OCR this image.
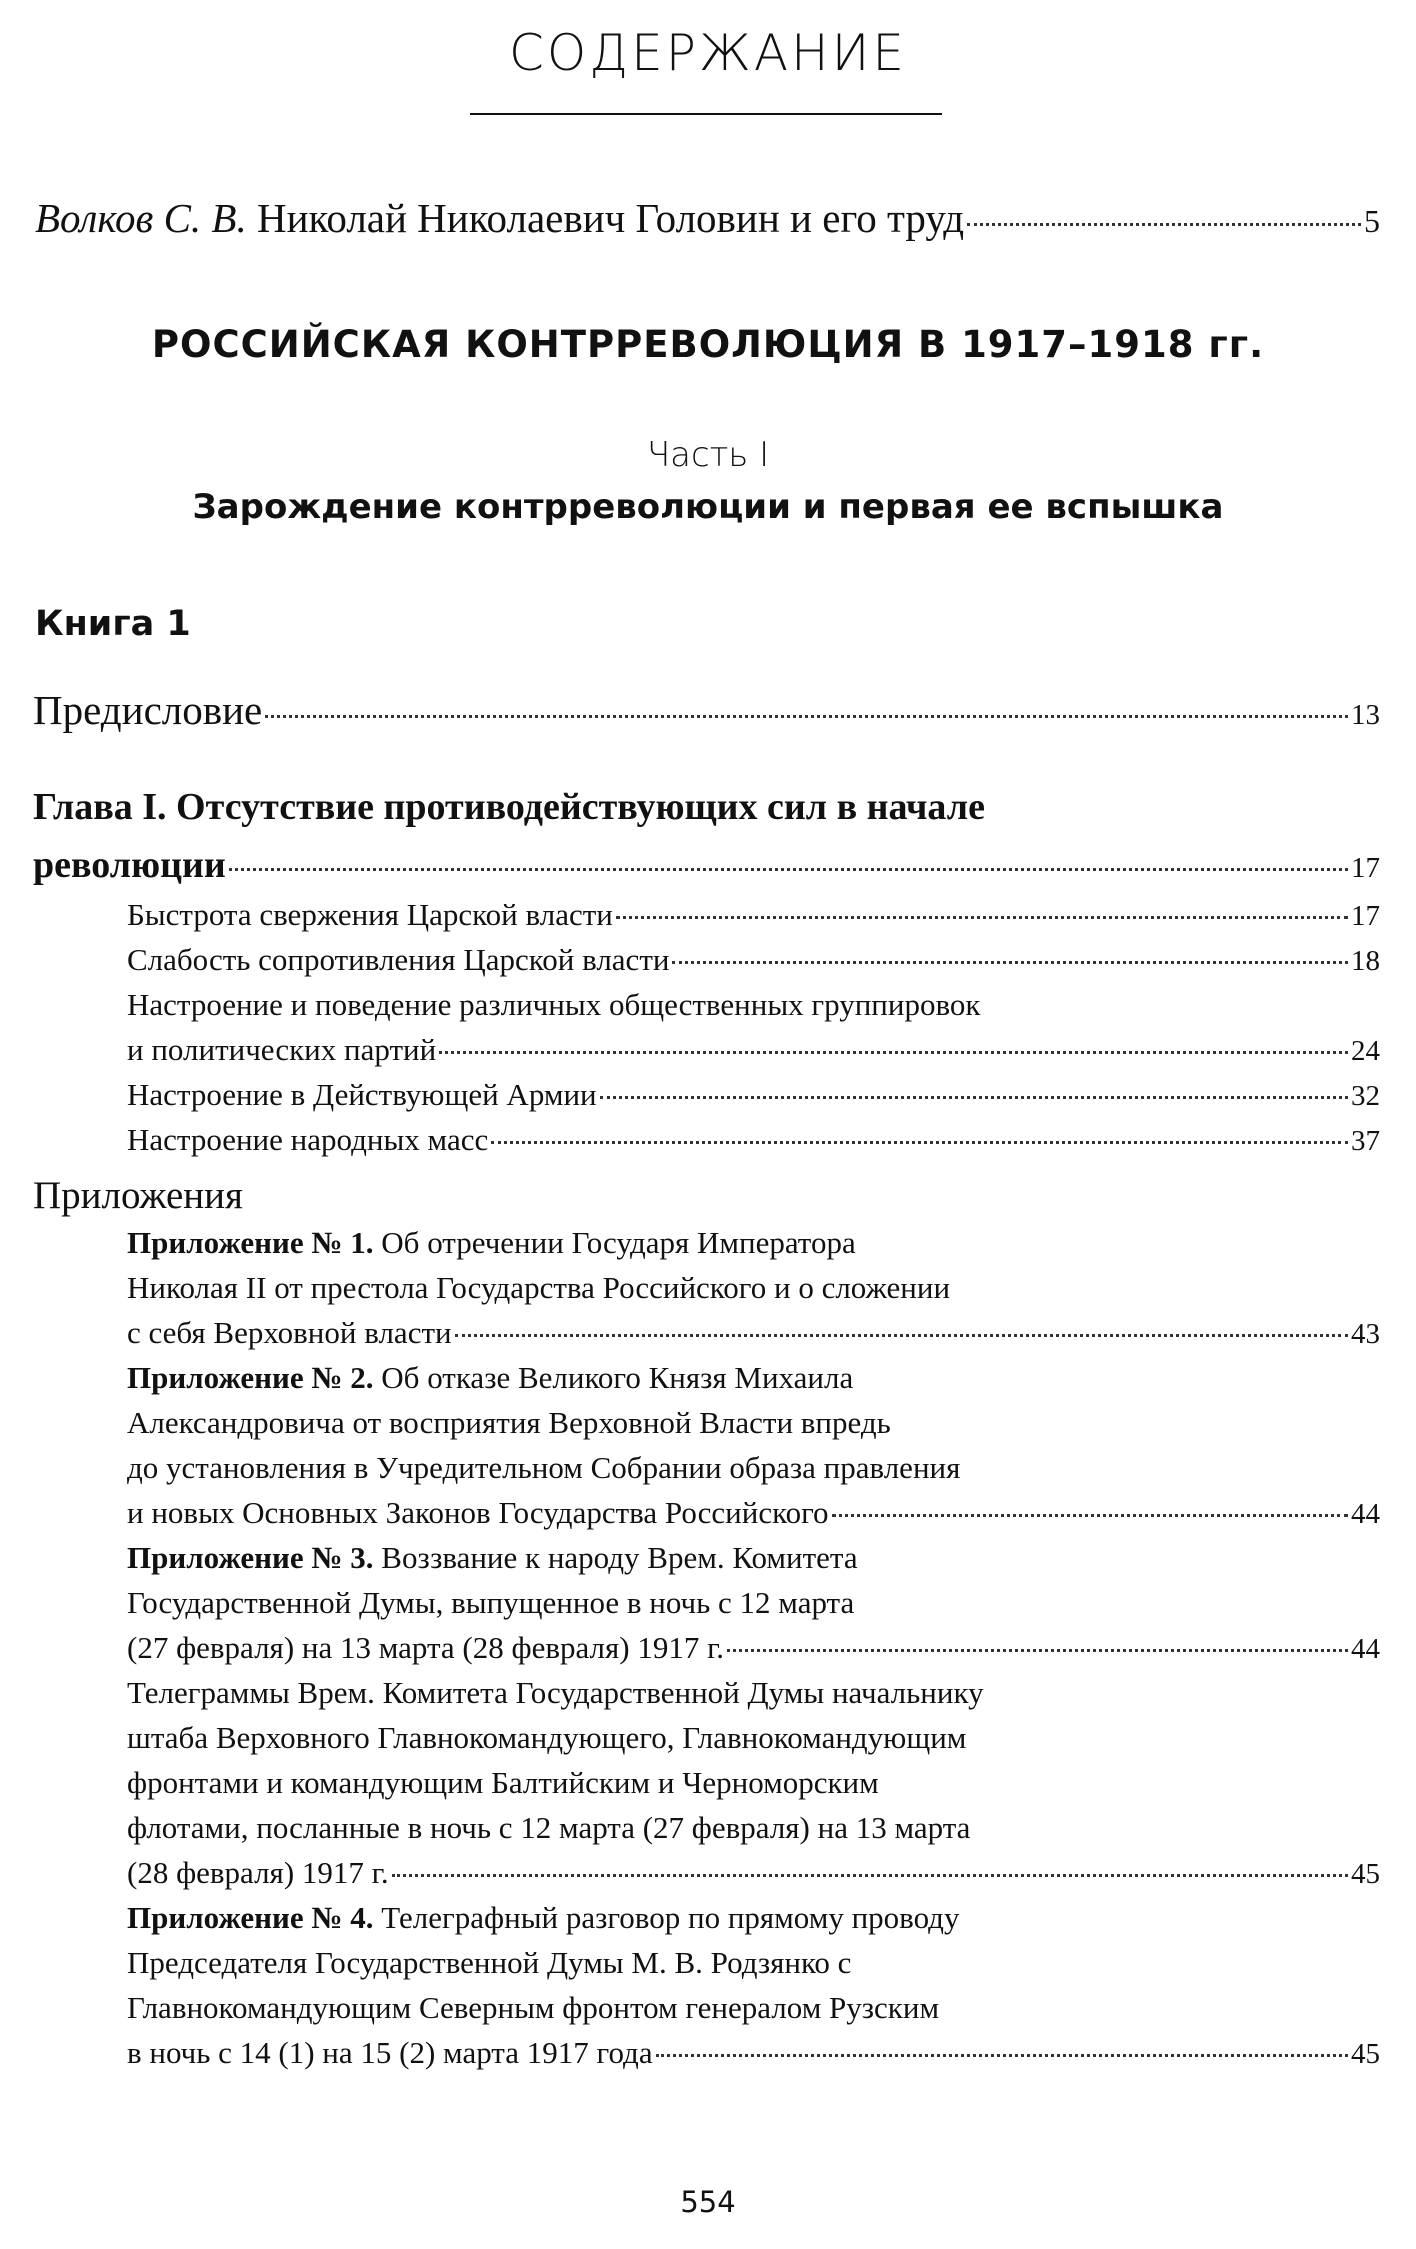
СОДЕРЖАНИЕ
Волков С. В. Николай Николаевич Головин и его труд	5
РОССИЙСКАЯ КОНТРРЕВОЛЮЦИЯ В 1917–1918 гг.
Часть I
Зарождение контрреволюции и первая ее вспышка
Книга 1
Предисловие	13
Глава I. Отсутствие противодействующих сил в начале
революции	17
Быстрота свержения Царской власти	17
Слабость сопротивления Царской власти	18
Настроение и поведение различных общественных группировок
и политических партий	24
Настроение в Действующей Армии	32
Настроение народных масс	37
Приложения
Приложение № 1. Об отречении Государя Императора
Николая II от престола Государства Российского и о сложении
с себя Верховной власти	43
Приложение № 2. Об отказе Великого Князя Михаила
Александровича от восприятия Верховной Власти впредь
до установления в Учредительном Собрании образа правления
и новых Основных Законов Государства Российского	44
Приложение № 3. Воззвание к народу Врем. Комитета
Государственной Думы, выпущенное в ночь с 12 марта
(27 февраля) на 13 марта (28 февраля) 1917 г.	44
Телеграммы Врем. Комитета Государственной Думы начальнику
штаба Верховного Главнокомандующего, Главнокомандующим
фронтами и командующим Балтийским и Черноморским
флотами, посланные в ночь с 12 марта (27 февраля) на 13 марта
(28 февраля) 1917 г.	45
Приложение № 4. Телеграфный разговор по прямому проводу
Председателя Государственной Думы М. В. Родзянко с
Главнокомандующим Северным фронтом генералом Рузским
в ночь с 14 (1) на 15 (2) марта 1917 года	45
554
